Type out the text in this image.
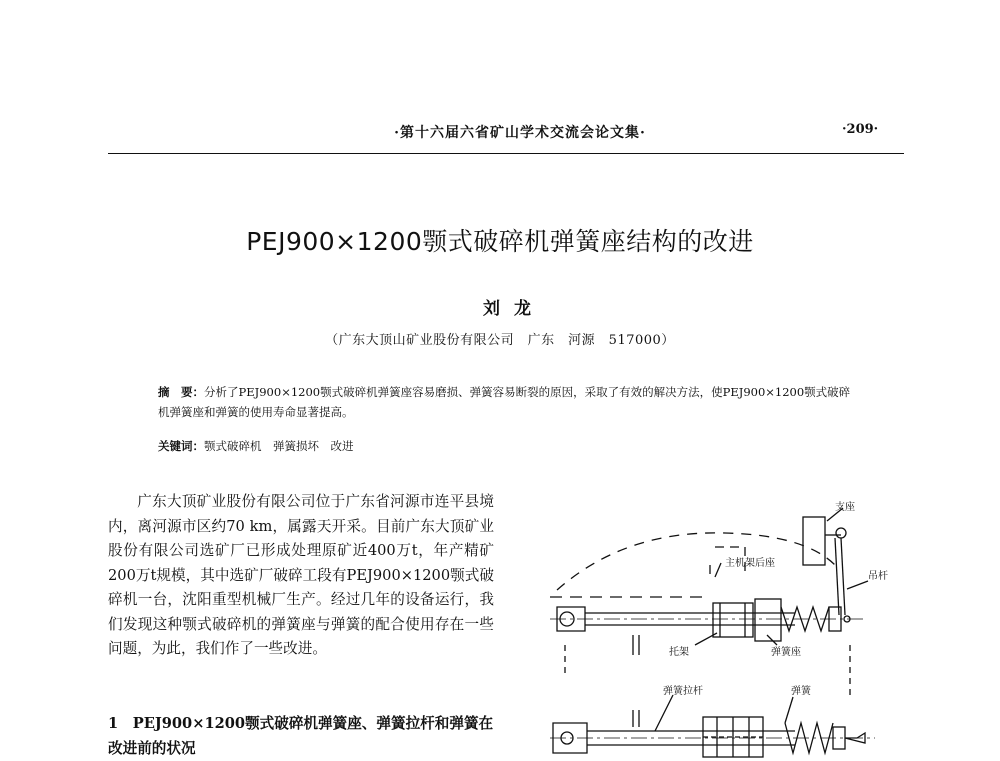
·第十六届六省矿山学术交流会论文集·	·209·
PEJ900×1200颚式破碎机弹簧座结构的改进
刘龙
（广东大顶山矿业股份有限公司　广东　河源　517000）
摘　要：分析了PEJ900×1200颚式破碎机弹簧座容易磨损、弹簧容易断裂的原因，采取了有效的解决方法，使PEJ900×1200颚式破碎机弹簧座和弹簧的使用寿命显著提高。
关键词：颚式破碎机　弹簧损坏　改进

广东大顶矿业股份有限公司位于广东省河源市连平县境内，离河源市区约70 km，属露天开采。目前广东大顶矿业股份有限公司选矿厂已形成处理原矿近400万t，年产精矿200万t规模，其中选矿厂破碎工段有PEJ900×1200颚式破碎机一台，沈阳重型机械厂生产。经过几年的设备运行，我们发现这种颚式破碎机的弹簧座与弹簧的配合使用存在一些问题，为此，我们作了一些改进。

1　PEJ900×1200颚式破碎机弹簧座、弹簧拉杆和弹簧在改进前的状况
支座
主机架后座
吊杆
托架	弹簧座
弹簧拉杆	弹簧
